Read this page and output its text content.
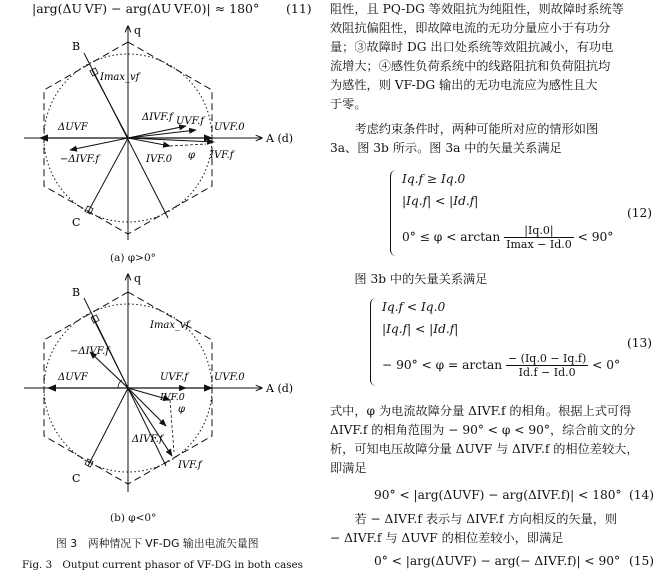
|arg(ΔU VF) − arg(ΔU VF.0)| ≈ 180° (11)
q
A (d)
B
C
Imax_vf
ΔUVF
−ΔIVF.f
ΔIVF.f UVF.f
UVF.0
IVF.0	IVF.f
φ
(a) φ>0°
q
A (d)
B
C
Imax_vf
−ΔIVF.f
ΔUVF	UVF.f	UVF.0
IVF.0
φ
ΔIVF.f
IVF.f
(b) φ<0°
图 3　两种情况下 VF-DG 输出电流矢量图
Fig. 3　Output current phasor of VF-DG in both cases
阻性，且 PQ-DG 等效阻抗为纯阻性，则故障时系统等
效阻抗偏阻性，即故障电流的无功分量应小于有功分
量；③故障时 DG 出口处系统等效阻抗减小，有功电
流增大；④感性负荷系统中的线路阻抗和负荷阻抗均
为感性，则 VF-DG 输出的无功电流应为感性且大
于零。
考虑约束条件时，两种可能所对应的情形如图
3a、图 3b 所示。图 3a 中的矢量关系满足
Iq.f ≥ Iq.0
|Iq.f| < |Id.f|
$0^\circ \le \varphi < \arctan \frac{|Iq.0|}{Imax - Id.0} < 90^\circ$
(12)
图 3b 中的矢量关系满足
Iq.f < Iq.0
|Iq.f| < |Id.f|
− $90^\circ < \varphi = \arctan \frac{- (Iq.0 - Iq.f)}{Id.f - Id.0} < 0^\circ$
(13)
式中，φ 为电流故障分量 ΔIVF.f 的相角。根据上式可得
ΔIVF.f 的相角范围为 − 90° < φ < 90°，综合前文的分
析，可知电压故障分量 ΔUVF 与 ΔIVF.f 的相位差较大，
即满足
90° < |arg(ΔUVF) − arg(ΔIVF.f)| < 180° (14)
若 − ΔIVF.f 表示与 ΔIVF.f 方向相反的矢量，则
− ΔIVF.f 与 ΔUVF 的相位差较小，即满足
0° < |arg(ΔUVF) − arg(− ΔIVF.f)| < 90° (15)
